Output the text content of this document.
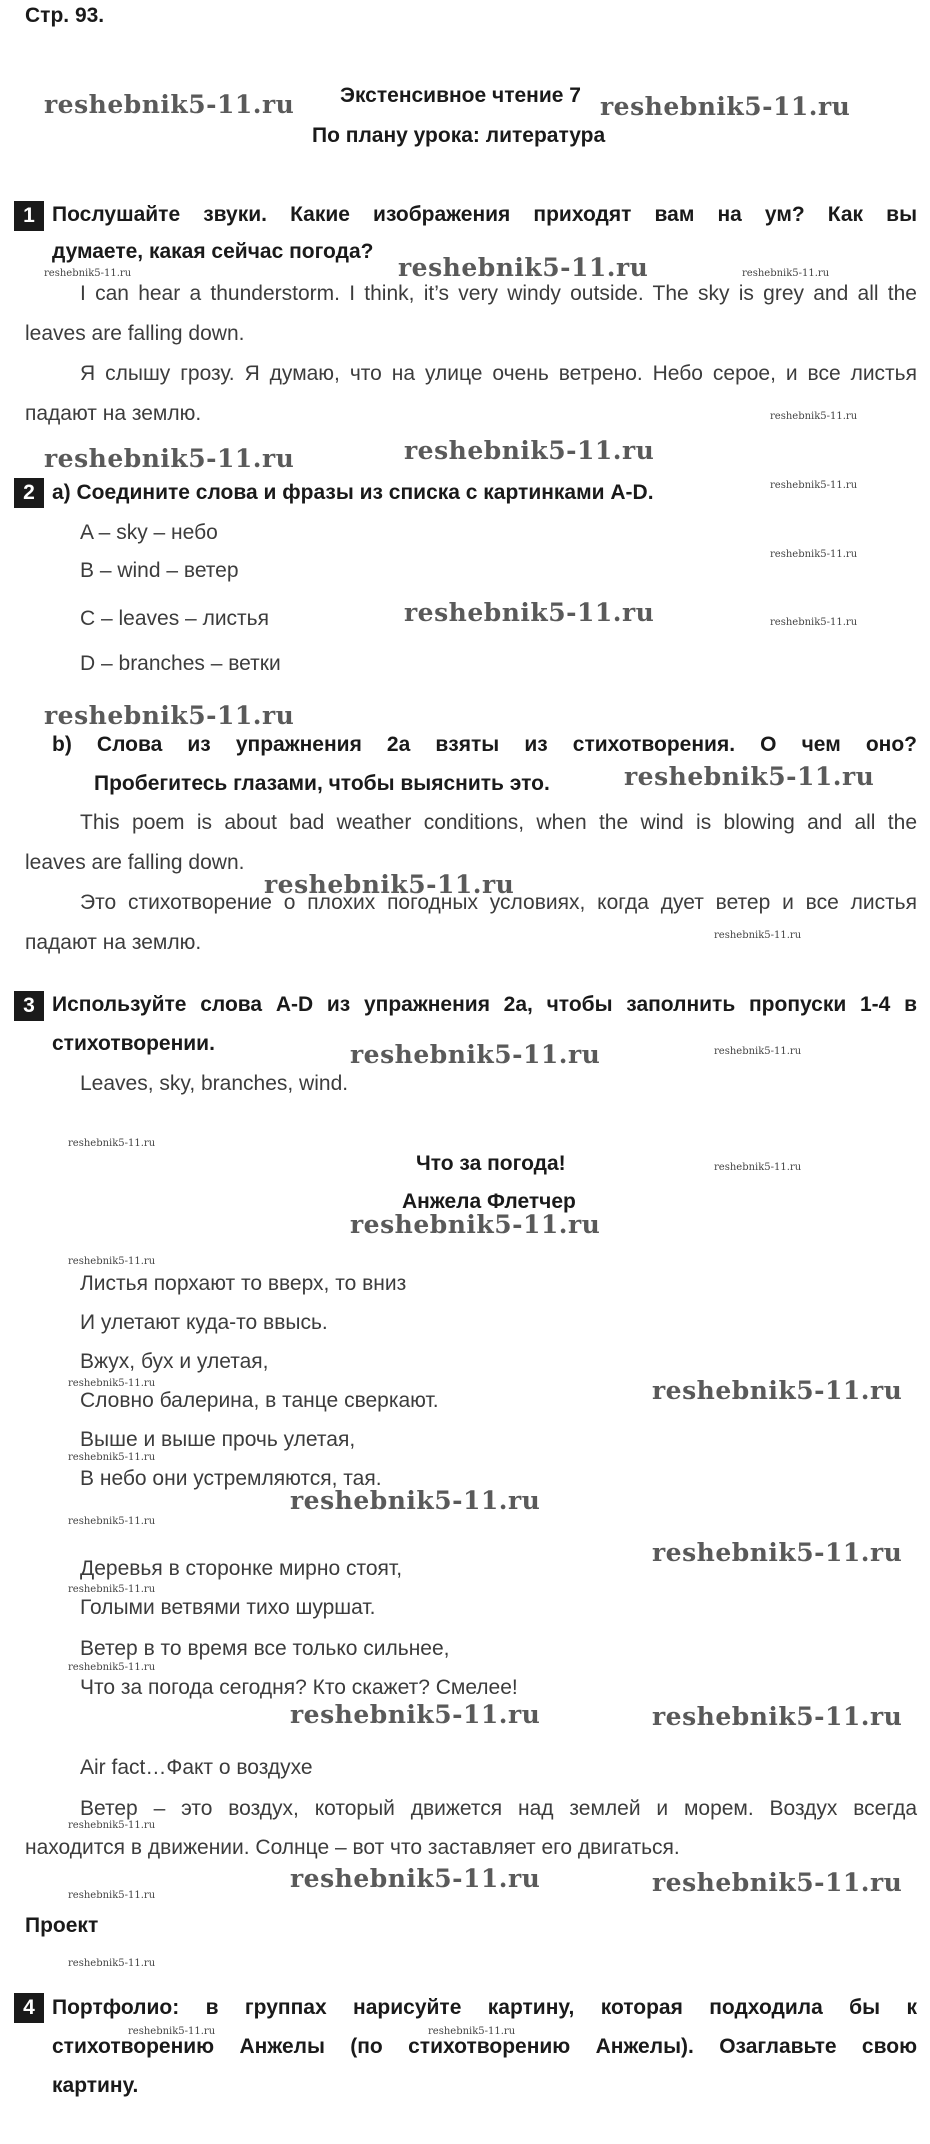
Стр. 93.
Экстенсивное чтение 7
По плану урока: литература
1 Послушайте звуки. Какие изображения приходят вам на ум? Как вы
думаете, какая сейчас погода?
I can hear a thunderstorm. I think, it’s very windy outside. The sky is grey and all the
leaves are falling down.
Я слышу грозу. Я думаю, что на улице очень ветрено. Небо серое, и все листья
падают на землю.
2 a) Соедините слова и фразы из списка с картинками A-D.
A – sky – небо
B – wind – ветер
C – leaves – листья
D – branches – ветки
b) Слова из упражнения 2a взяты из стихотворения. О чем оно?
Пробегитесь глазами, чтобы выяснить это.
This poem is about bad weather conditions, when the wind is blowing and all the
leaves are falling down.
Это стихотворение о плохих погодных условиях, когда дует ветер и все листья
падают на землю.
3 Используйте слова A-D из упражнения 2a, чтобы заполнить пропуски 1-4 в
стихотворении.
Leaves, sky, branches, wind.
Что за погода!
Анжела Флетчер
Листья порхают то вверх, то вниз
И улетают куда-то ввысь.
Вжух, бух и улетая,
Словно балерина, в танце сверкают.
Выше и выше прочь улетая,
В небо они устремляются, тая.
Деревья в сторонке мирно стоят,
Голыми ветвями тихо шуршат.
Ветер в то время все только сильнее,
Что за погода сегодня? Кто скажет? Смелее!
Air fact…Факт о воздухе
Ветер – это воздух, который движется над землей и морем. Воздух всегда
находится в движении. Солнце – вот что заставляет его двигаться.
Проект
4 Портфолио: в группах нарисуйте картину, которая подходила бы к
стихотворению Анжелы (по стихотворению Анжелы). Озаглавьте свою
картину.
reshebnik5-11.ru	reshebnik5-11.ru
reshebnik5-11.ru
reshebnik5-11.ru	reshebnik5-11.ru
reshebnik5-11.ru
reshebnik5-11.ru
reshebnik5-11.ru
reshebnik5-11.ru
reshebnik5-11.ru
reshebnik5-11.ru
reshebnik5-11.ru
reshebnik5-11.ru
reshebnik5-11.ru
reshebnik5-11.ru	reshebnik5-11.ru
reshebnik5-11.ru	reshebnik5-11.ru
reshebnik5-11.ru	reshebnik5-11.ru
reshebnik5-11.ru
reshebnik5-11.ru
reshebnik5-11.ru
reshebnik5-11.ru
reshebnik5-11.ru
reshebnik5-11.ru
reshebnik5-11.ru
reshebnik5-11.ru
reshebnik5-11.ru
reshebnik5-11.ru
reshebnik5-11.ru
reshebnik5-11.ru
reshebnik5-11.ru
reshebnik5-11.ru
reshebnik5-11.ru
reshebnik5-11.ru
reshebnik5-11.ru
reshebnik5-11.ru	reshebnik5-11.ru
